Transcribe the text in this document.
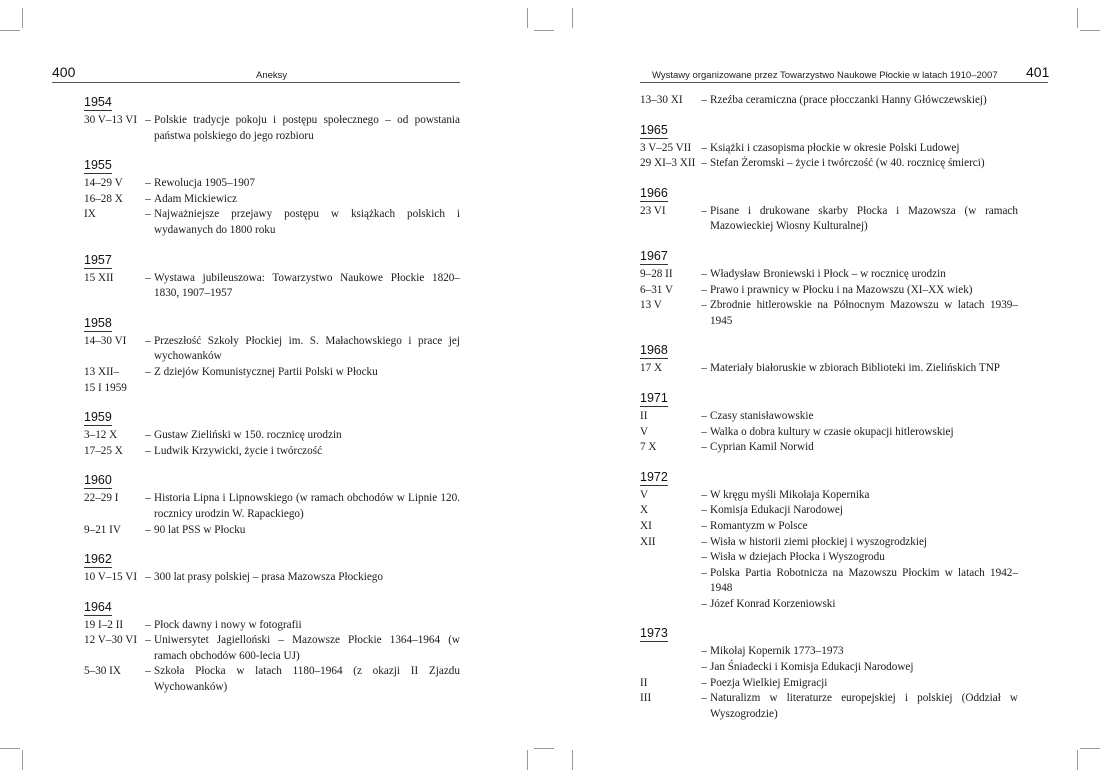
400	Aneksy	Wystawy organizowane przez Towarzystwo Naukowe Płockie w latach 1910–2007 401
1954
30 V–13 VI – Polskie tradycje pokoju i postępu społecznego – od powstania państwa polskiego do jego rozbioru
1955
14–29 V	– Rewolucja 1905–1907
16–28 X	– Adam Mickiewicz
IX	– Najważniejsze przejawy postępu w książkach polskich i wydawanych do 1800 roku
1957
15 XII	– Wystawa jubileuszowa: Towarzystwo Naukowe Płockie 1820–1830, 1907–1957
1958
14–30 VI	– Przeszłość Szkoły Płockiej im. S. Małachowskiego i prace jej wychowanków
13 XII–	– Z dziejów Komunistycznej Partii Polski w Płocku
15 I 1959
1959
3–12 X	– Gustaw Zieliński w 150. rocznicę urodzin
17–25 X	– Ludwik Krzywicki, życie i twórczość
1960
22–29 I	– Historia Lipna i Lipnowskiego (w ramach obchodów w Lipnie 120. rocznicy urodzin W. Rapackiego)
9–21 IV	– 90 lat PSS w Płocku
1962
10 V–15 VI – 300 lat prasy polskiej – prasa Mazowsza Płockiego
1964
19 I–2 II	– Płock dawny i nowy w fotografii
12 V–30 VI – Uniwersytet Jagielloński – Mazowsze Płockie 1364–1964 (w ramach obchodów 600-lecia UJ)
5–30 IX	– Szkoła Płocka w latach 1180–1964 (z okazji II Zjazdu Wychowanków)
13–30 XI	– Rzeźba ceramiczna (prace płocczanki Hanny Główczewskiej)
1965
3 V–25 VII – Książki i czasopisma płockie w okresie Polski Ludowej
29 XI–3 XII – Stefan Żeromski – życie i twórczość (w 40. rocznicę śmierci)
1966
23 VI	– Pisane i drukowane skarby Płocka i Mazowsza (w ramach Mazowieckiej Wiosny Kulturalnej)
1967
9–28 II	– Władysław Broniewski i Płock – w rocznicę urodzin
6–31 V	– Prawo i prawnicy w Płocku i na Mazowszu (XI–XX wiek)
13 V	– Zbrodnie hitlerowskie na Północnym Mazowszu w latach 1939–1945
1968
17 X	– Materiały białoruskie w zbiorach Biblioteki im. Zielińskich TNP
1971
II	– Czasy stanisławowskie
V	– Walka o dobra kultury w czasie okupacji hitlerowskiej
7 X	– Cyprian Kamil Norwid
1972
V	– W kręgu myśli Mikołaja Kopernika
X	– Komisja Edukacji Narodowej
XI	– Romantyzm w Polsce
XII	– Wisła w historii ziemi płockiej i wyszogrodzkiej
– Wisła w dziejach Płocka i Wyszogrodu
– Polska Partia Robotnicza na Mazowszu Płockim w latach 1942–1948
– Józef Konrad Korzeniowski
1973
– Mikołaj Kopernik 1773–1973
– Jan Śniadecki i Komisja Edukacji Narodowej
II	– Poezja Wielkiej Emigracji
III	– Naturalizm w literaturze europejskiej i polskiej (Oddział w Wyszogrodzie)
